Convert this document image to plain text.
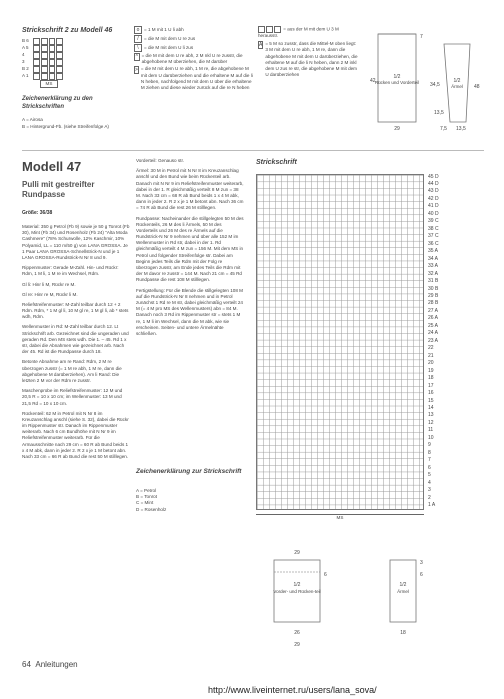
Strickschrift 2 zu Modell 46
B 6
A 5
4
3
B 2
A 1
MS
Zeichenerklärung zu den Strickschriften
A = Airosa
B = Hintergrund-Fb. (siehe Streifenfolge A)
o = 1 M mit 1 U li abh
/ = die M mit dem U re zus
\ = die M mit dem U li zus
^ = die M mit dem U re abh, 2 M nkl U re zusstr, die abgehobene M überziehen, die M darüber
> = die M mit dem U re abh, 1 M re, die abgehobene M mit dem U darüberziehen und die erhaltene M auf die li N heben, nachfolgend M mit dem U über die erhaltene M ziehen und diese wieder zurück auf die re N heben
= aus der M mit dem U 3 M herausstr.
A = 5 M so zusstr, dass die Mittel-M oben liegt: 3 M mit dem U re abh, 1 M re, dann die abgehobene M mit dem U darüberziehen, die erhaltene M auf die li N heben, dann 2 M inkl dem U zus re str, die abgehobene M mit dem U darüberziehen	1/2
Rücken und Vorderteil
42
29
7
1/2
Ärmel
34,5
13,5
48
7,5 13,5
Modell 47
Pulli mit gestreifter Rundpasse
Größe: 36/38

Material: 350 g Petrol (Fb 9) sowie je 50 g Tonrot (Fb 30), Mint (Fb 34) und Rosenholz (Fb 24) "Alta Moda Cashmere" (78% Schurwolle, 12% Kaschmir, 10% Polyamid, LL = 110 m/50 g) von LANA GROSSA. Je 1 Paar LANA GROSSA-Schnellstrick-N und je 1 LANA GROSSA-Rundstrick-N Nr 8 und 9.

Rippenmuster: Gerade M-Zahl. Hin- und Rückr: Rdm, 1 M li, 1 M re im Wechsel, Rdm.

Gl li: Hinr li M, Rückr re M.

Gl re: Hinr re M, Rückr li M.

Reliefstreifenmuster: M-Zahl teilbar durch 12 + 2 Rdm. Rdm, * 1 M gl li, 10 M gl re, 1 M gl li, ab * stets wdh, Rdm.

Wellenmuster in Rd: M-Zahl teilbar durch 12. Lt Strickschrift arb. Gezeichnet sind die ungeraden und geraden Rd. Den MS stets wdh. Die 1. – 45. Rd 1 x str, dabei die Abnahmen wie gezeichnet arb. Nach der 45. Rd ist die Rundpasse durch 18.

Betonte Abnahme am re Rand: Rdm, 2 M re überzogen zusstr (= 1 M re abh, 1 M re, dann die abgehobene M darüberziehen). Am li Rand: Die letzten 2 M vor der Rdm re zusstr.

Maschenprobe im Reliefstreifenmuster: 12 M und 20,5 R = 10 x 10 cm; im Wellenmuster: 13 M und 21,5 Rd = 10 x 10 cm.

Rückenteil: 62 M in Petrol mit N Nr 8 im Kreuzanschlag anschl (siehe S. 32), dabei die Rückr im Rippenmuster str. Danach im Rippenmuster weiterarb. Nach 6 cm Bundhöhe mit N Nr 9 im Reliefstreifenmuster weiterarb. Für die Armausschnitte nach 29 cm = 60 R ab Bund beids 1 x 4 M abk, dann in jeder 2. R 2 x je 1 M betont abn. Nach 33 cm = 66 R ab Bund die rest 50 M stilllegen.

Vorderteil: Genauso str.

Ärmel: 30 M in Petrol mit N Nr 8 im Kreuzanschlag anschl und den Bund wie beim Rückenteil arb. Danach mit N Nr 9 im Reliefstreifenmuster weiterarb, dabei in der 1. R gleichmäßig verteilt 8 M zun = 38 M. Nach 33 cm = 68 R ab Bund beids 1 x 4 M abk, dann in jeder 2. R 2 x je 1 M betont abn. Nach 36 cm = 74 R ab Bund die rest 26 M stilllegen.

Rundpasse: Nacheinander die stillgelegten 50 M des Rückenteils, 26 M des li Ärmels, 50 M des Vorderteils und 26 M des re Ärmels auf die Rundstrick-N Nr 9 nehmen und über alle 152 M im Wellenmuster in Rd str, dabei in der 1. Rd gleichmäßig verteilt 4 M zun = 156 M. Mit dem MS in Petrol und folgender Streifenfolge str. Dabei am Beginn jedes Teils die Rdm mit der Folg re überzogen zusstr, am Ende jedes Teils die Rdm mit der M davor re zusstr = 144 M. Nach 21 cm = 45 Rd Rundpasse die rest 108 M stilllegen.

Fertigstellung: Für die Blende die stillgelegten 108 M auf die Rundstrick-N Nr 8 nehmen und in Petrol zunächst 1 Rd re M str, dabei gleichmäßig verteilt 24 M (= 4 M pro MS des Wellenmusters) abn = 84 M. Danach noch 3 Rd im Rippenmuster str = stets 1 M re, 1 M li im Wechsel, dann die M abk, wie sie erscheinen. Seiten- und untere Ärmelnähte schließen.

Zeichenerklärung zur Strickschrift
A = Petrol
B = Tonrot
C = Mint
D = Rosenholz
Strickschrift
45 D
44 D
43 D
42 D
41 D
40 D
39 C
38 C
37 C
36 C
35 A
34 A
33 A
32 A
31 B
30 B
29 B
28 B
27 A
26 A
25 A
24 A
23 A
22
21
20
19
18
17
16
15
14
13
12
11
10
9
8
7
6
5
4
3
2
1 A
MS
29
1/2
Vorder- und Rücken-teil
26
29
6
1/2
Ärmel
18
3
6
64 Anleitungen
http://www.liveinternet.ru/users/lana_sova/
